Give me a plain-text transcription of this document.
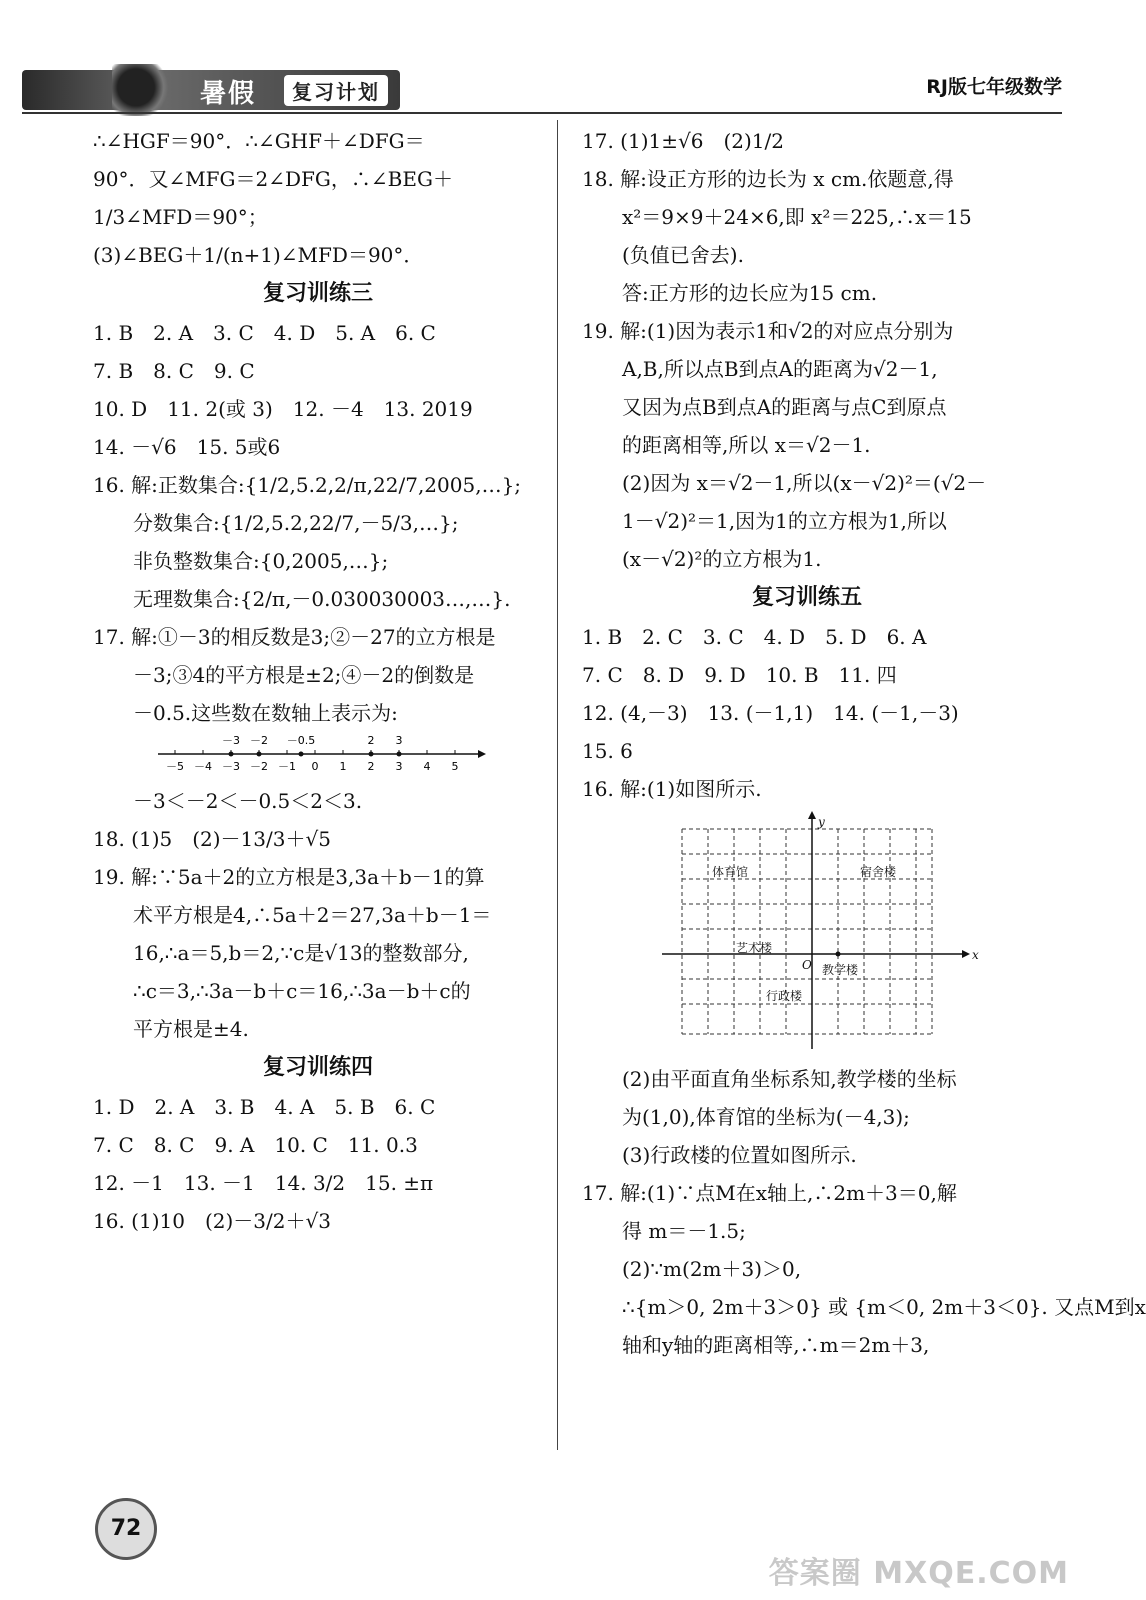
暑假	复习计划	RJ版七年级数学
∴∠HGF＝90°．∴∠GHF＋∠DFG＝
90°．又∠MFG＝2∠DFG，∴∠BEG＋
1/3∠MFD＝90°；
(3)∠BEG＋1/(n+1)∠MFD＝90°．
复习训练三
1. B　2. A　3. C　4. D　5. A　6. C
7. B　8. C　9. C
10. D　11. 2(或 3)　12. －4　13. 2019
14. －√6　15. 5或6
16. 解:正数集合:{1/2,5.2,2/π,22/7,2005,…};
分数集合:{1/2,5.2,22/7,－5/3,…};
非负整数集合:{0,2005,…};
无理数集合:{2/π,－0.030030003…,…}.
17. 解:①－3的相反数是3;②－27的立方根是
－3;③4的平方根是±2;④－2的倒数是
－0.5.这些数在数轴上表示为:
－5 －4 －3 －2 －1 0 1 2 3 4 5
－3 －2 －0.5	2 3
－3＜－2＜－0.5＜2＜3.
18. (1)5　(2)－13/3＋√5
19. 解:∵5a＋2的立方根是3,3a＋b－1的算
术平方根是4,∴5a＋2＝27,3a＋b－1＝
16,∴a＝5,b＝2,∵c是√13的整数部分,
∴c＝3,∴3a－b＋c＝16,∴3a－b＋c的
平方根是±4.
复习训练四
1. D　2. A　3. B　4. A　5. B　6. C
7. C　8. C　9. A　10. C　11. 0.3
12. －1　13. －1　14. 3/2　15. ±π
16. (1)10　(2)－3/2＋√3
17. (1)1±√6　(2)1/2
18. 解:设正方形的边长为 x cm.依题意,得
x²＝9×9＋24×6,即 x²＝225,∴x＝15
(负值已舍去).
答:正方形的边长应为15 cm.
19. 解:(1)因为表示1和√2的对应点分别为
A,B,所以点B到点A的距离为√2－1,
又因为点B到点A的距离与点C到原点
的距离相等,所以 x＝√2－1.
(2)因为 x＝√2－1,所以(x－√2)²＝(√2－
1－√2)²＝1,因为1的立方根为1,所以
(x－√2)²的立方根为1.
复习训练五
1. B　2. C　3. C　4. D　5. D　6. A
7. C　8. D　9. D　10. B　11. 四
12. (4,－3)　13. (－1,1)　14. (－1,－3)
15. 6
16. 解:(1)如图所示.
x
y
O
体育馆	宿舍楼
艺术楼
教学楼
行政楼
(2)由平面直角坐标系知,教学楼的坐标
为(1,0),体育馆的坐标为(－4,3);
(3)行政楼的位置如图所示.
17. 解:(1)∵点M在x轴上,∴2m＋3＝0,解
得 m＝－1.5;
(2)∵m(2m＋3)＞0,
∴{m＞0, 2m＋3＞0} 或 {m＜0, 2m＋3＜0}. 又点M到x
轴和y轴的距离相等,∴m＝2m＋3,
72
答案圈 MXQE.COM
